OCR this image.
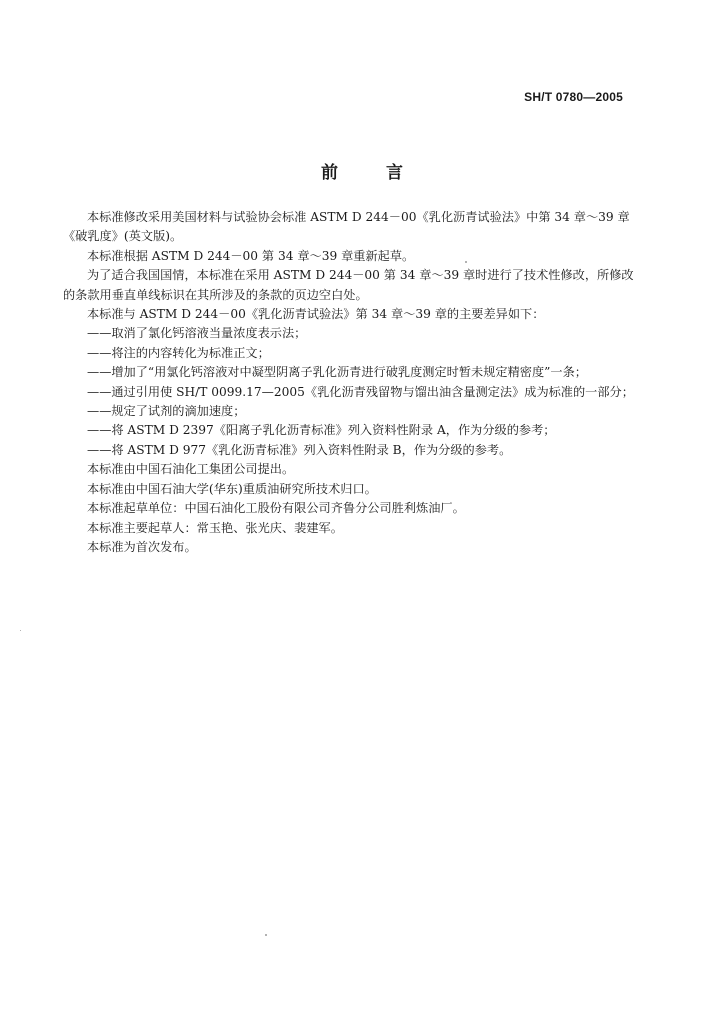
SH/T 0780—2005
前	言

本标准修改采用美国材料与试验协会标准 ASTM D 244－00《乳化沥青试验法》中第 34 章～39 章《破乳度》(英文版)。

本标准根据 ASTM D 244－00 第 34 章～39 章重新起草。

为了适合我国国情，本标准在采用 ASTM D 244－00 第 34 章～39 章时进行了技术性修改，所修改的条款用垂直单线标识在其所涉及的条款的页边空白处。

本标准与 ASTM D 244－00《乳化沥青试验法》第 34 章～39 章的主要差异如下：

——取消了氯化钙溶液当量浓度表示法；

——将注的内容转化为标准正文；

——增加了“用氯化钙溶液对中凝型阴离子乳化沥青进行破乳度测定时暂未规定精密度”一条；

——通过引用使 SH/T 0099.17—2005《乳化沥青残留物与馏出油含量测定法》成为标准的一部分；

——规定了试剂的滴加速度；

——将 ASTM D 2397《阳离子乳化沥青标准》列入资料性附录 A，作为分级的参考；

——将 ASTM D 977《乳化沥青标准》列入资料性附录 B，作为分级的参考。

本标准由中国石油化工集团公司提出。

本标准由中国石油大学(华东)重质油研究所技术归口。

本标准起草单位：中国石油化工股份有限公司齐鲁分公司胜利炼油厂。

本标准主要起草人：常玉艳、张光庆、裴建军。

本标准为首次发布。
